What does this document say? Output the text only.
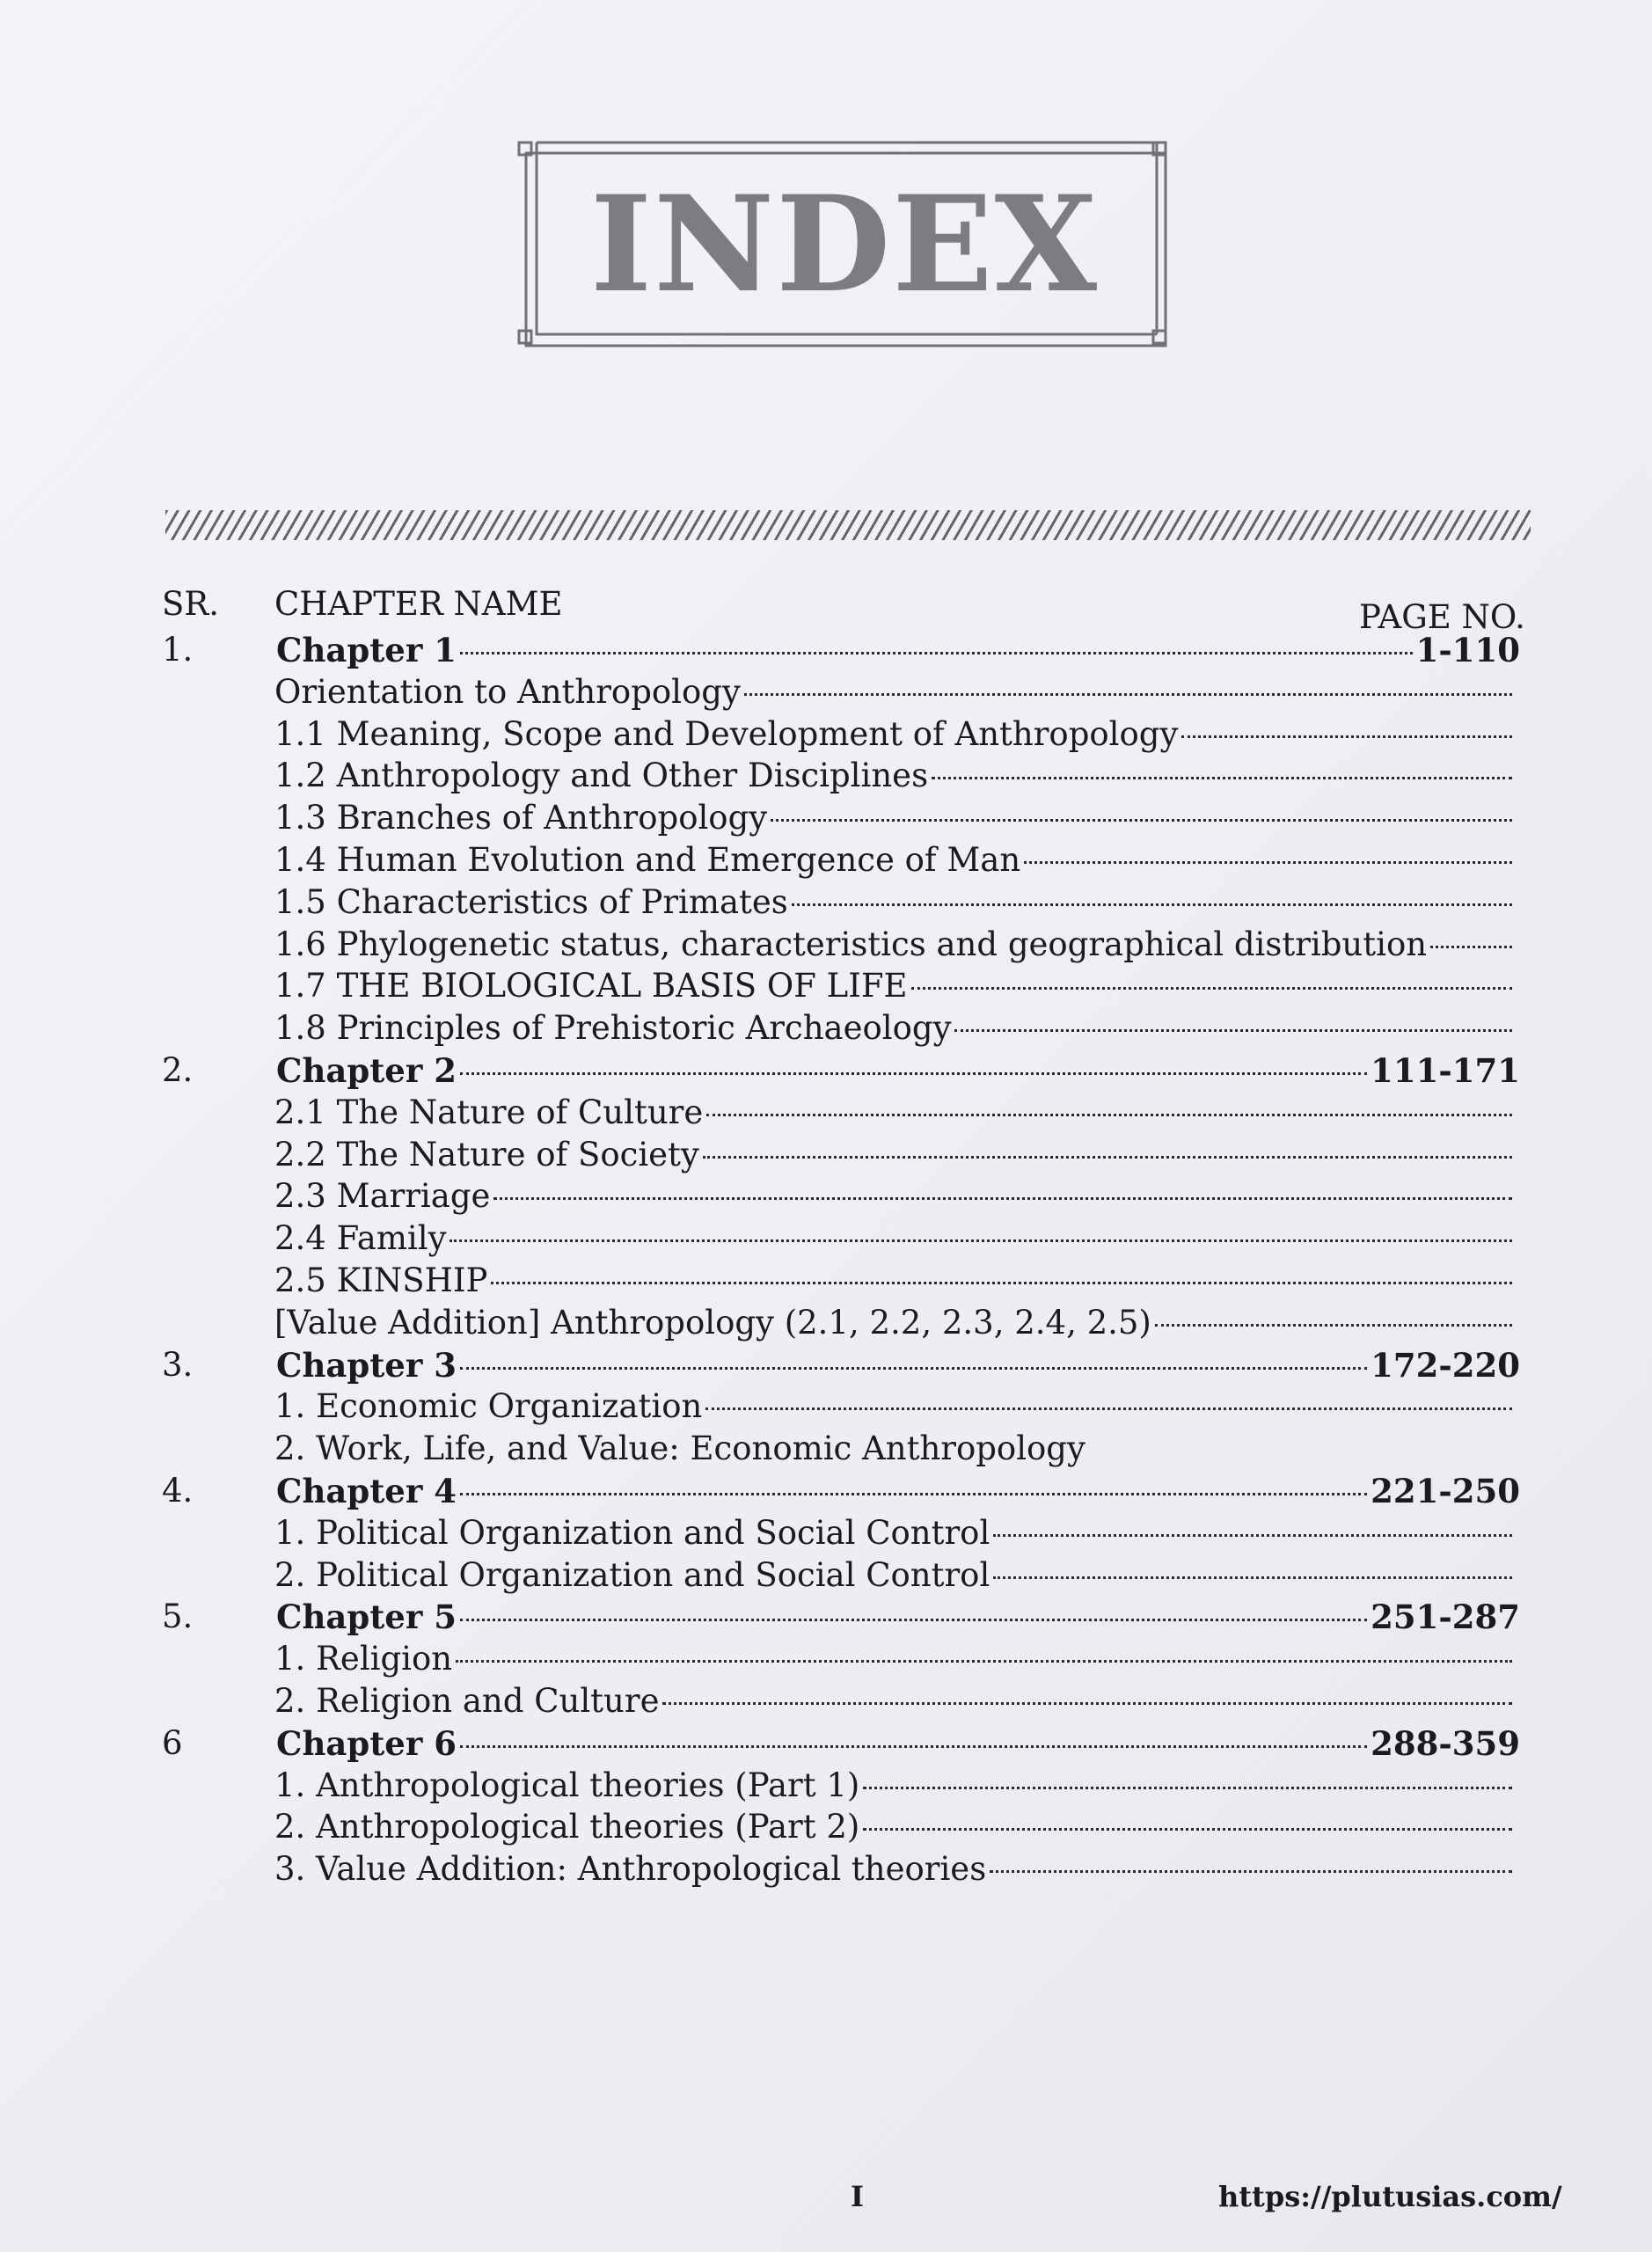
INDEX
SR. CHAPTER NAME	PAGE NO.
1.	Chapter 1	1-110
Orientation to Anthropology
1.1 Meaning, Scope and Development of Anthropology
1.2 Anthropology and Other Disciplines
1.3 Branches of Anthropology
1.4 Human Evolution and Emergence of Man
1.5 Characteristics of Primates
1.6 Phylogenetic status, characteristics and geographical distribution
1.7 THE BIOLOGICAL BASIS OF LIFE
1.8 Principles of Prehistoric Archaeology
2.	Chapter 2	111-171
2.1 The Nature of Culture
2.2 The Nature of Society
2.3 Marriage
2.4 Family
2.5 KINSHIP
[Value Addition] Anthropology (2.1, 2.2, 2.3, 2.4, 2.5)
3.	Chapter 3	172-220
1. Economic Organization
2. Work, Life, and Value: Economic Anthropology
4.	Chapter 4	221-250
1. Political Organization and Social Control
2. Political Organization and Social Control
5.	Chapter 5	251-287
1. Religion
2. Religion and Culture
6	Chapter 6	288-359
1. Anthropological theories (Part 1)
2. Anthropological theories (Part 2)
3. Value Addition: Anthropological theories
I	https://plutusias.com/
